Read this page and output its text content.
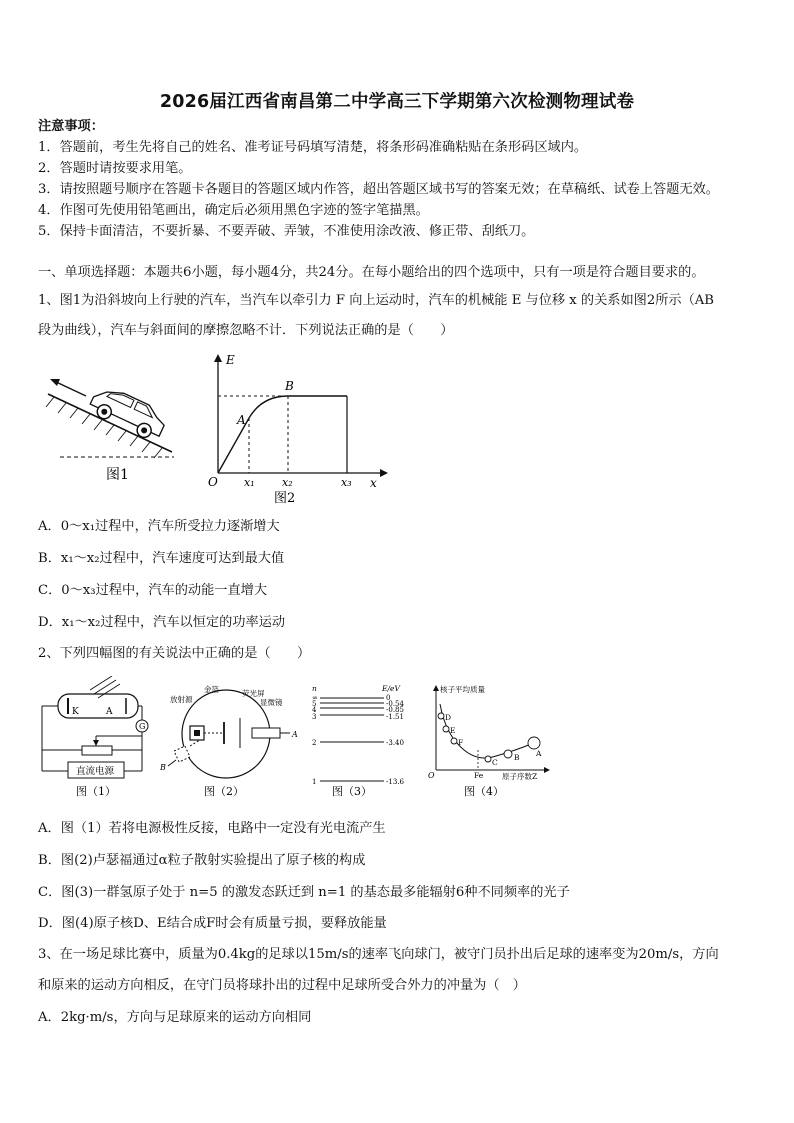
2026届江西省南昌第二中学高三下学期第六次检测物理试卷
注意事项：
1．答题前，考生先将自己的姓名、准考证号码填写清楚，将条形码准确粘贴在条形码区域内。
2．答题时请按要求用笔。
3．请按照题号顺序在答题卡各题目的答题区域内作答，超出答题区域书写的答案无效；在草稿纸、试卷上答题无效。
4．作图可先使用铅笔画出，确定后必须用黑色字迹的签字笔描黑。
5．保持卡面清洁，不要折暴、不要弄破、弄皱，不准使用涂改液、修正带、刮纸刀。
一、单项选择题：本题共6小题，每小题4分，共24分。在每小题给出的四个选项中，只有一项是符合题目要求的。
1、图1为沿斜坡向上行驶的汽车，当汽车以牵引力 F 向上运动时，汽车的机械能 E 与位移 x 的关系如图2所示（AB
段为曲线），汽车与斜面间的摩擦忽略不计．下列说法正确的是（　　）
图1
E
x
O
A
B
x₁ x₂	x₃
图2
A．0～x₁过程中，汽车所受拉力逐渐增大
B．x₁～x₂过程中，汽车速度可达到最大值
C．0～x₃过程中，汽车的动能一直增大
D．x₁～x₂过程中，汽车以恒定的功率运动
2、下列四幅图的有关说法中正确的是（　　）
K	A
G
直流电源
图（1）
放射源
金箔	荧光屏
显微镜
A
B
图（2）
n	E/eV
∞	0
5	-0.54
4	-0.85
3	-1.51
2	-3.40
1	-13.6
图（3）
核子平均质量
原子序数Z
O	Fe
D
E
F
C
B A
图（4）
A．图（1）若将电源极性反接，电路中一定没有光电流产生
B．图(2)卢瑟福通过α粒子散射实验提出了原子核的构成
C．图(3)一群氢原子处于 n=5 的激发态跃迁到 n=1 的基态最多能辐射6种不同频率的光子
D．图(4)原子核D、E结合成F时会有质量亏损，要释放能量
3、在一场足球比赛中，质量为0.4kg的足球以15m/s的速率飞向球门，被守门员扑出后足球的速率变为20m/s，方向
和原来的运动方向相反，在守门员将球扑出的过程中足球所受合外力的冲量为（　）
A．2kg·m/s，方向与足球原来的运动方向相同
